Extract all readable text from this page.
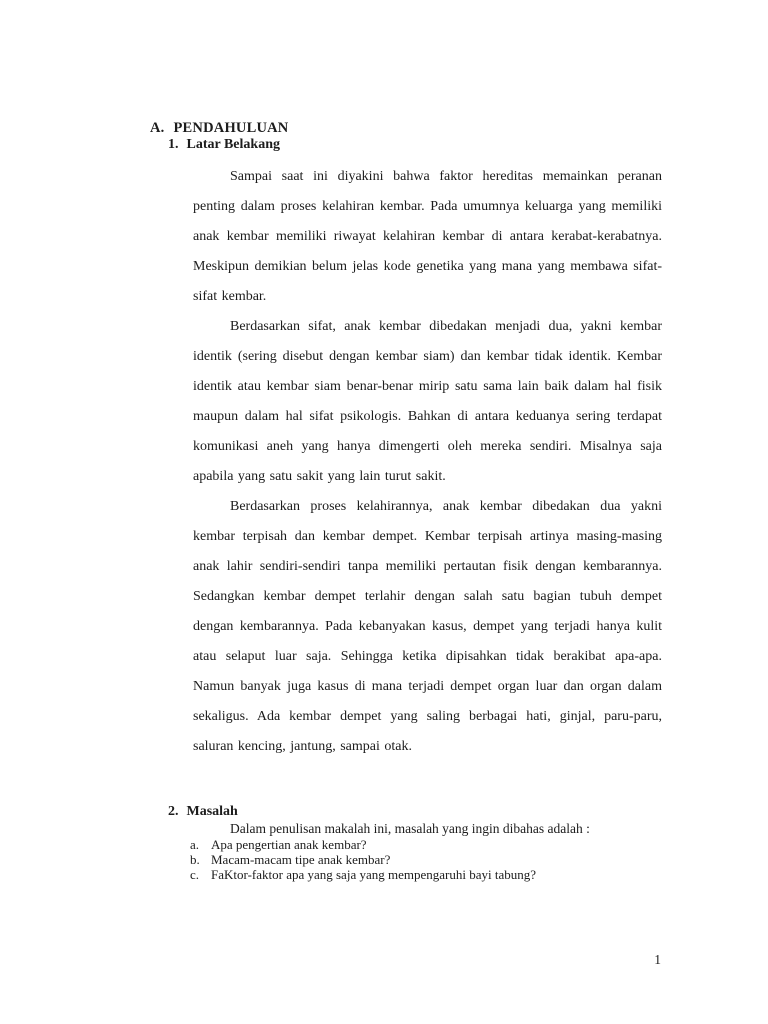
A. PENDAHULUAN
1. Latar Belakang

Sampai saat ini diyakini bahwa faktor hereditas memainkan peranan penting dalam proses kelahiran kembar. Pada umumnya keluarga yang memiliki anak kembar memiliki riwayat kelahiran kembar di antara kerabat-kerabatnya. Meskipun demikian belum jelas kode genetika yang mana yang membawa sifat-sifat kembar.

Berdasarkan sifat, anak kembar dibedakan menjadi dua, yakni kembar identik (sering disebut dengan kembar siam) dan kembar tidak identik. Kembar identik atau kembar siam benar-benar mirip satu sama lain baik dalam hal fisik maupun dalam hal sifat psikologis. Bahkan di antara keduanya sering terdapat komunikasi aneh yang hanya dimengerti oleh mereka sendiri. Misalnya saja apabila yang satu sakit yang lain turut sakit.

Berdasarkan proses kelahirannya, anak kembar dibedakan dua yakni kembar terpisah dan kembar dempet. Kembar terpisah artinya masing-masing anak lahir sendiri-sendiri tanpa memiliki pertautan fisik dengan kembarannya. Sedangkan kembar dempet terlahir dengan salah satu bagian tubuh dempet dengan kembarannya. Pada kebanyakan kasus, dempet yang terjadi hanya kulit atau selaput luar saja. Sehingga ketika dipisahkan tidak berakibat apa-apa. Namun banyak juga kasus di mana terjadi dempet organ luar dan organ dalam sekaligus. Ada kembar dempet yang saling berbagai hati, ginjal, paru-paru, saluran kencing, jantung, sampai otak.

2. Masalah
Dalam penulisan makalah ini, masalah yang ingin dibahas adalah :
a. Apa pengertian anak kembar?
b. Macam-macam tipe anak kembar?
c. FaKtor-faktor apa yang saja yang mempengaruhi bayi tabung?
1
